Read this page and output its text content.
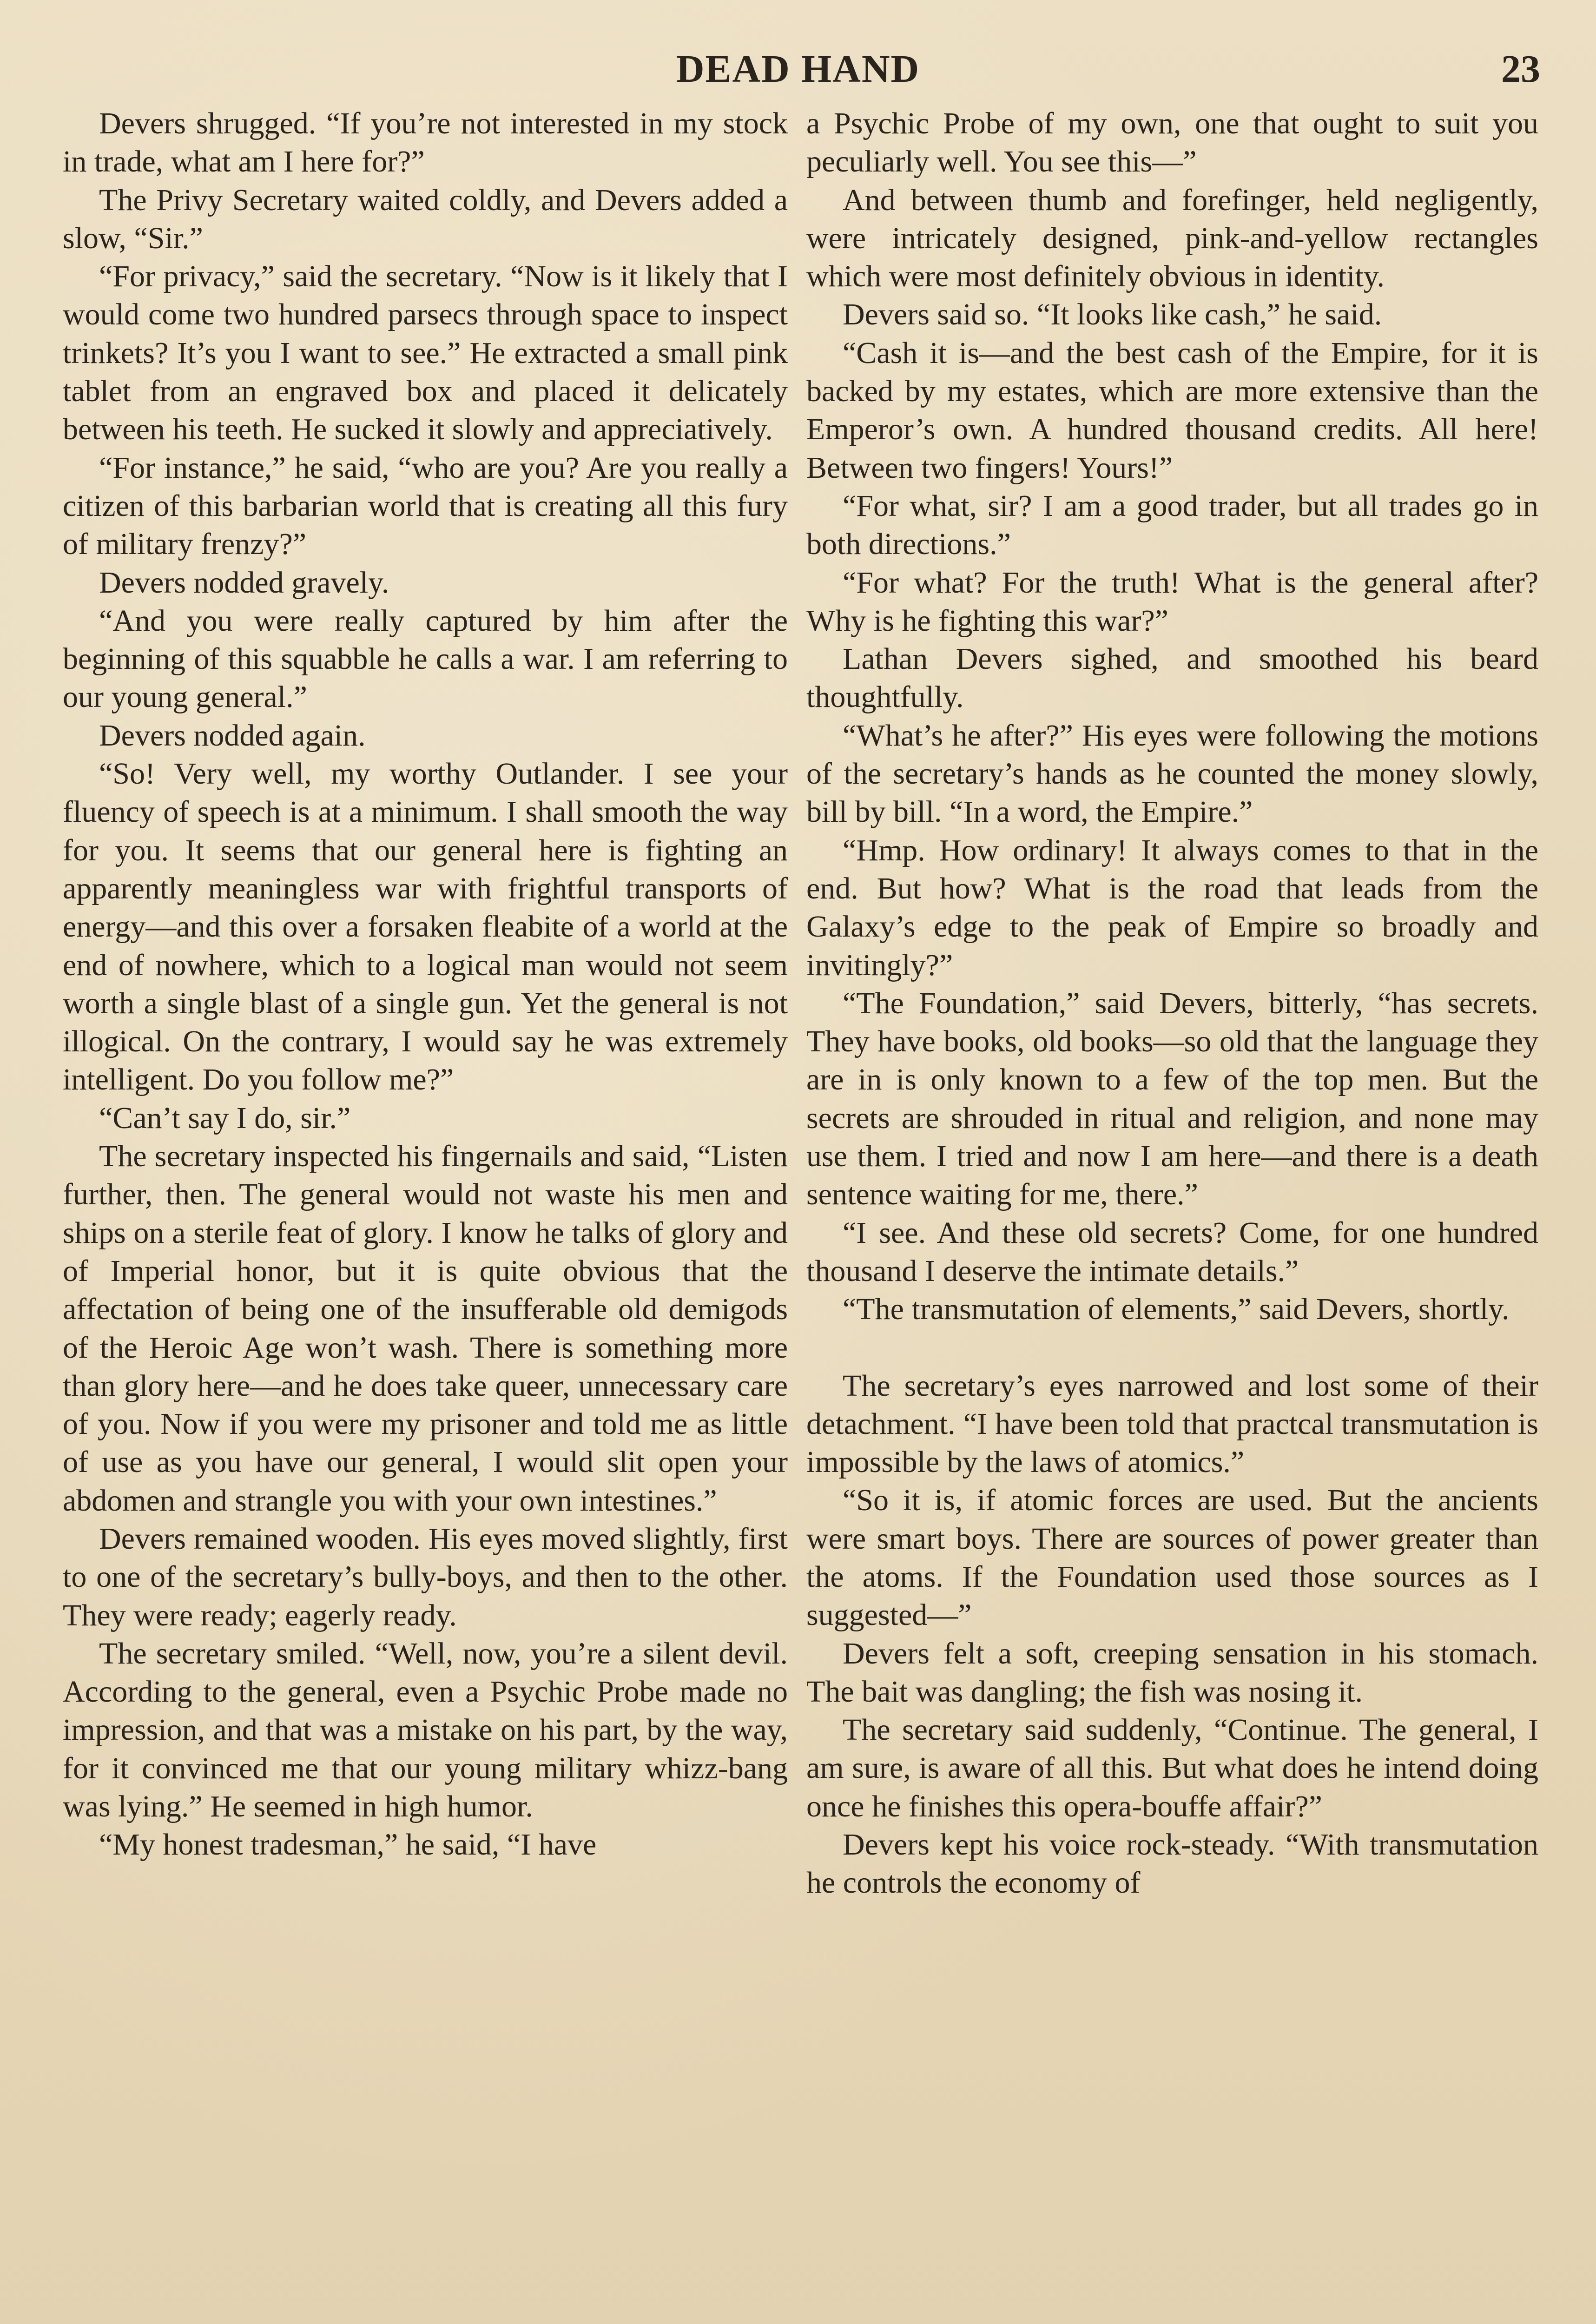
DEAD HAND	23

Devers shrugged. “If you’re not interested in my stock in trade, what am I here for?”

The Privy Secretary waited coldly, and Devers added a slow, “Sir.”

“For privacy,” said the secretary. “Now is it likely that I would come two hundred parsecs through space to inspect trinkets? It’s you I want to see.” He extracted a small pink tablet from an engraved box and placed it delicately between his teeth. He sucked it slowly and appreciatively.

“For instance,” he said, “who are you? Are you really a citizen of this barbarian world that is creating all this fury of military frenzy?”

Devers nodded gravely.

“And you were really captured by him after the beginning of this squabble he calls a war. I am referring to our young general.”

Devers nodded again.

“So! Very well, my worthy Outlander. I see your fluency of speech is at a minimum. I shall smooth the way for you. It seems that our general here is fighting an apparently meaningless war with frightful transports of energy—and this over a forsaken fleabite of a world at the end of nowhere, which to a logical man would not seem worth a single blast of a single gun. Yet the general is not illogical. On the contrary, I would say he was extremely intelligent. Do you follow me?”

“Can’t say I do, sir.”

The secretary inspected his fingernails and said, “Listen further, then. The general would not waste his men and ships on a sterile feat of glory. I know he talks of glory and of Imperial honor, but it is quite obvious that the affectation of being one of the insufferable old demigods of the Heroic Age won’t wash. There is something more than glory here—and he does take queer, unnecessary care of you. Now if you were my prisoner and told me as little of use as you have our general, I would slit open your abdomen and strangle you with your own intestines.”

Devers remained wooden. His eyes moved slightly, first to one of the secretary’s bully-boys, and then to the other. They were ready; eagerly ready.

The secretary smiled. “Well, now, you’re a silent devil. According to the general, even a Psychic Probe made no impression, and that was a mistake on his part, by the way, for it convinced me that our young military whizz-bang was lying.” He seemed in high humor.

“My honest tradesman,” he said, “I have

a Psychic Probe of my own, one that ought to suit you peculiarly well. You see this—”

And between thumb and forefinger, held negligently, were intricately designed, pink-and-yellow rectangles which were most definitely obvious in identity.

Devers said so. “It looks like cash,” he said.

“Cash it is—and the best cash of the Empire, for it is backed by my estates, which are more extensive than the Emperor’s own. A hundred thousand credits. All here! Between two fingers! Yours!”

“For what, sir? I am a good trader, but all trades go in both directions.”

“For what? For the truth! What is the general after? Why is he fighting this war?”

Lathan Devers sighed, and smoothed his beard thoughtfully.

“What’s he after?” His eyes were following the motions of the secretary’s hands as he counted the money slowly, bill by bill. “In a word, the Empire.”

“Hmp. How ordinary! It always comes to that in the end. But how? What is the road that leads from the Galaxy’s edge to the peak of Empire so broadly and invitingly?”

“The Foundation,” said Devers, bitterly, “has secrets. They have books, old books—so old that the language they are in is only known to a few of the top men. But the secrets are shrouded in ritual and religion, and none may use them. I tried and now I am here—and there is a death sentence waiting for me, there.”

“I see. And these old secrets? Come, for one hundred thousand I deserve the intimate details.”

“The transmutation of elements,” said Devers, shortly.

The secretary’s eyes narrowed and lost some of their detachment. “I have been told that practcal transmutation is impossible by the laws of atomics.”

“So it is, if atomic forces are used. But the ancients were smart boys. There are sources of power greater than the atoms. If the Foundation used those sources as I suggested—”

Devers felt a soft, creeping sensation in his stomach. The bait was dangling; the fish was nosing it.

The secretary said suddenly, “Continue. The general, I am sure, is aware of all this. But what does he intend doing once he finishes this opera-bouffe affair?”

Devers kept his voice rock-steady. “With transmutation he controls the economy of
